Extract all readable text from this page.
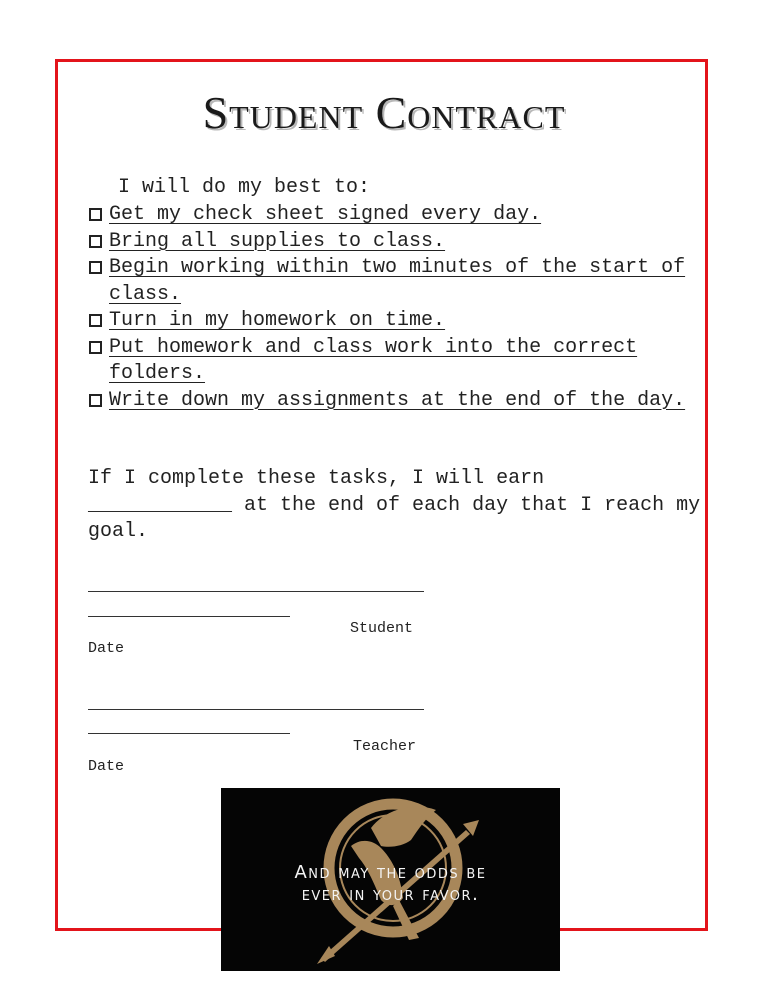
Student Contract
I will do my best to:
Get my check sheet signed every day.
Bring all supplies to class.
Begin working within two minutes of the start of class.
Turn in my homework on time.
Put homework and class work into the correct folders.
Write down my assignments at the end of the day.
If I complete these tasks, I will earn
____________ at the end of each day that I reach my goal.
Student
Date
Teacher
Date
And may the odds be
ever in your favor.
